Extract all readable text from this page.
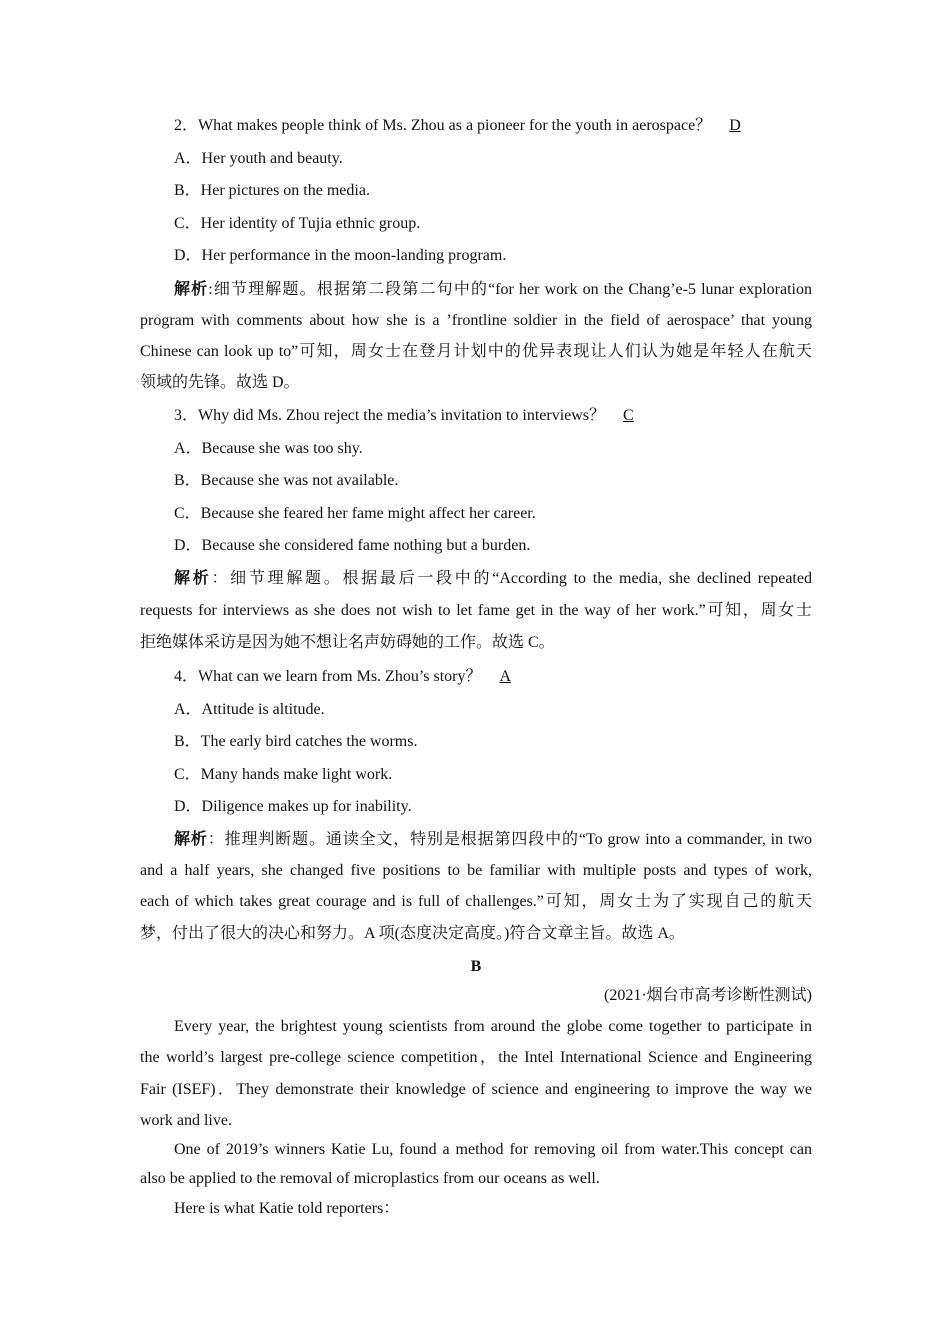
2．What makes people think of Ms. Zhou as a pioneer for the youth in aerospace？ D
A．Her youth and beauty.
B．Her pictures on the media.
C．Her identity of Tujia ethnic group.
D．Her performance in the moon-landing program.
解析:细节理解题。根据第二段第二句中的“for her work on the Chang’e-5 lunar exploration
program with comments about how she is a ’frontline soldier in the field of aerospace’ that young
Chinese can look up to”可知，周女士在登月计划中的优异表现让人们认为她是年轻人在航天
领域的先锋。故选 D。
3．Why did Ms. Zhou reject the media’s invitation to interviews？ C
A．Because she was too shy.
B．Because she was not available.
C．Because she feared her fame might affect her career.
D．Because she considered fame nothing but a burden.
解析：细节理解题。根据最后一段中的“According to the media, she declined repeated
requests for interviews as she does not wish to let fame get in the way of her work.”可知，周女士
拒绝媒体采访是因为她不想让名声妨碍她的工作。故选 C。
4．What can we learn from Ms. Zhou’s story？ A
A．Attitude is altitude.
B．The early bird catches the worms.
C．Many hands make light work.
D．Diligence makes up for inability.
解析：推理判断题。通读全文，特别是根据第四段中的“To grow into a commander, in two
and a half years, she changed five positions to be familiar with multiple posts and types of work,
each of which takes great courage and is full of challenges.”可知，周女士为了实现自己的航天
梦，付出了很大的决心和努力。A 项(态度决定高度。)符合文章主旨。故选 A。
B
(2021·烟台市高考诊断性测试)
Every year, the brightest young scientists from around the globe come together to participate in
the world’s largest pre-college science competition，the Intel International Science and Engineering
Fair (ISEF)．They demonstrate their knowledge of science and engineering to improve the way we
work and live.
One of 2019’s winners Katie Lu, found a method for removing oil from water.This concept can
also be applied to the removal of microplastics from our oceans as well.
Here is what Katie told reporters：
